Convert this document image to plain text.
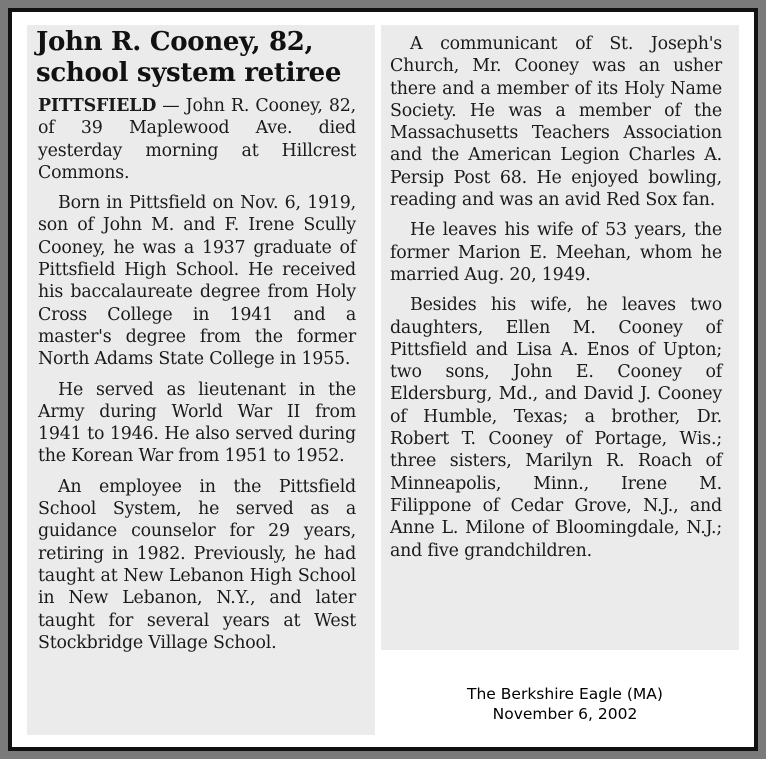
John R. Cooney, 82, school system retiree

PITTSFIELD — John R. Cooney, 82, of 39 Maplewood Ave. died yesterday morning at Hillcrest Commons.

Born in Pittsfield on Nov. 6, 1919, son of John M. and F. Irene Scully Cooney, he was a 1937 graduate of Pittsfield High School. He received his baccalaureate degree from Holy Cross College in 1941 and a master's degree from the former North Adams State College in 1955.

He served as lieutenant in the Army during World War II from 1941 to 1946. He also served during the Korean War from 1951 to 1952.

An employee in the Pittsfield School System, he served as a guidance counselor for 29 years, retiring in 1982. Previously, he had taught at New Lebanon High School in New Lebanon, N.Y., and later taught for several years at West Stockbridge Village School.

A communicant of St. Joseph's Church, Mr. Cooney was an usher there and a member of its Holy Name Society. He was a member of the Massachusetts Teachers Association and the American Legion Charles A. Persip Post 68. He enjoyed bowling, reading and was an avid Red Sox fan.

He leaves his wife of 53 years, the former Marion E. Meehan, whom he married Aug. 20, 1949.

Besides his wife, he leaves two daughters, Ellen M. Cooney of Pittsfield and Lisa A. Enos of Upton; two sons, John E. Cooney of Eldersburg, Md., and David J. Cooney of Humble, Texas; a brother, Dr. Robert T. Cooney of Portage, Wis.; three sisters, Marilyn R. Roach of Minneapolis, Minn., Irene M. Filippone of Cedar Grove, N.J., and Anne L. Milone of Bloomingdale, N.J.; and five grandchildren.

The Berkshire Eagle (MA)
November 6, 2002
